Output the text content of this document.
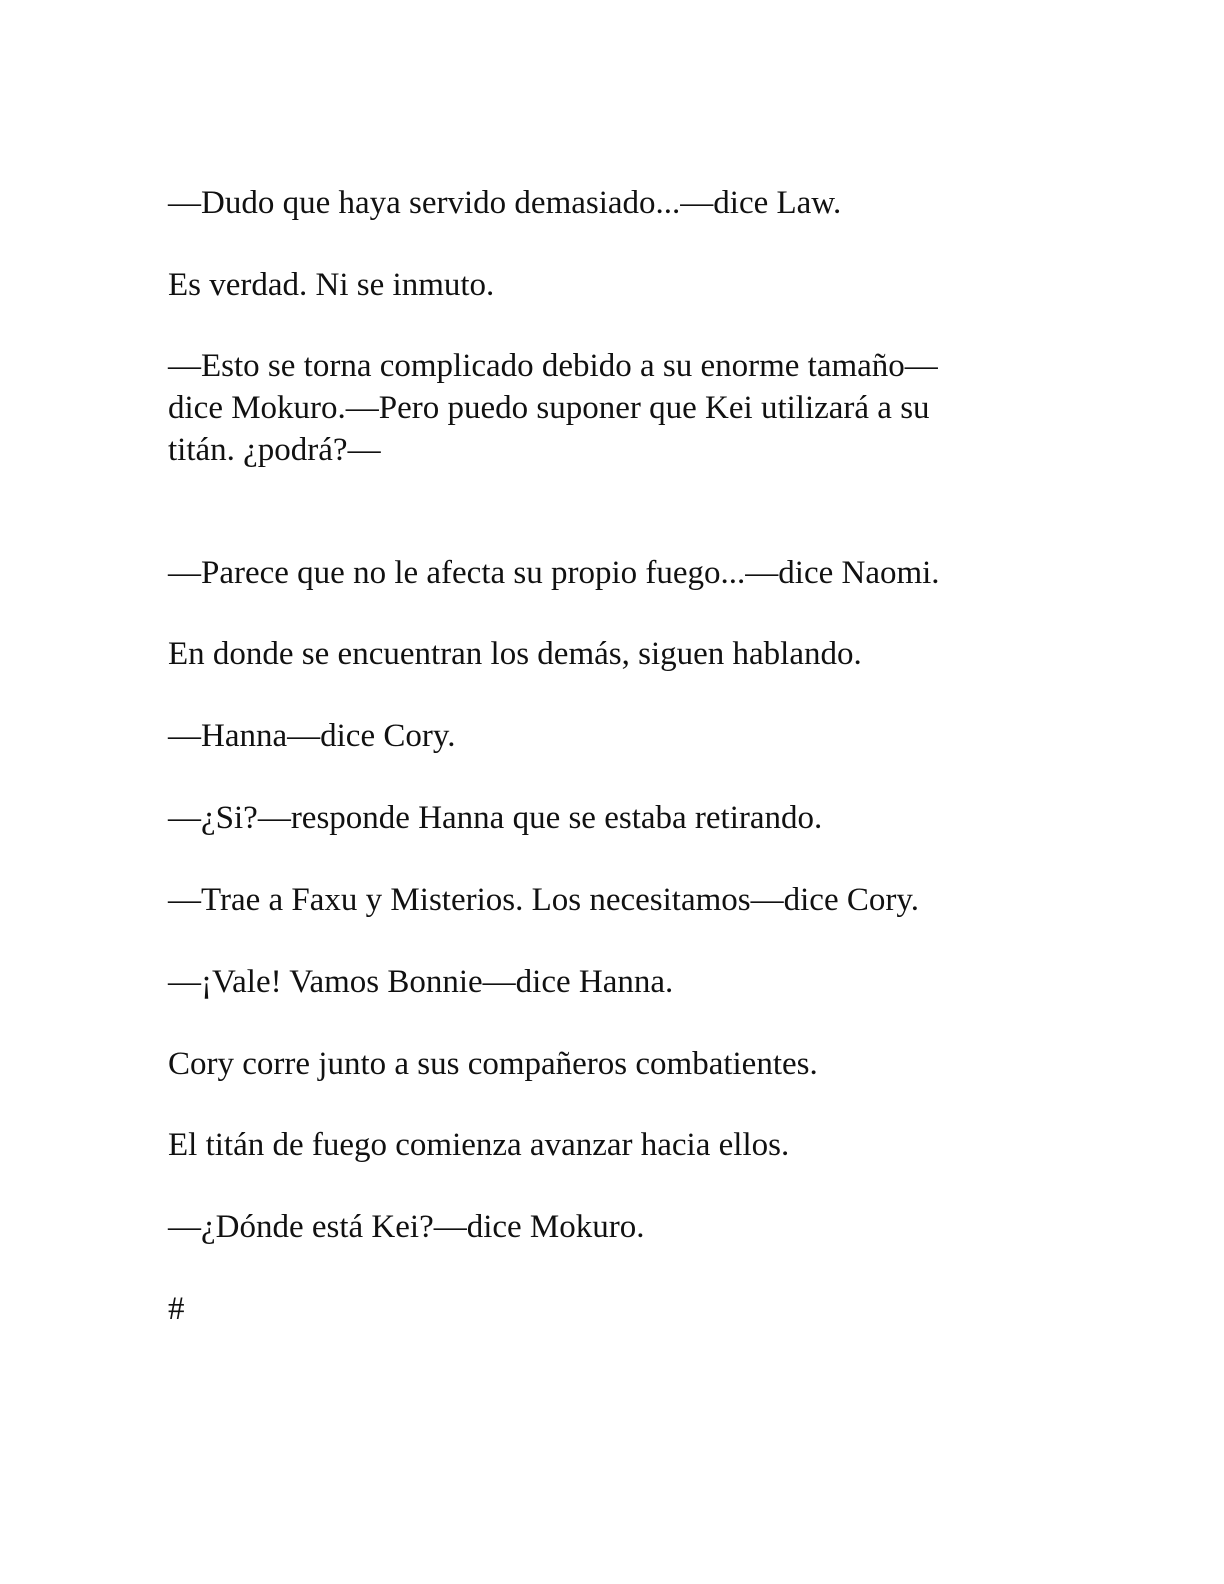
—Dudo que haya servido demasiado...—dice Law.

Es verdad. Ni se inmuto.

—Esto se torna complicado debido a su enorme tamaño—
dice Mokuro.—Pero puedo suponer que Kei utilizará a su
titán. ¿podrá?—

—Parece que no le afecta su propio fuego...—dice Naomi.

En donde se encuentran los demás, siguen hablando.

—Hanna—dice Cory.

—¿Si?—responde Hanna que se estaba retirando.

—Trae a Faxu y Misterios. Los necesitamos—dice Cory.

—¡Vale! Vamos Bonnie—dice Hanna.

Cory corre junto a sus compañeros combatientes.

El titán de fuego comienza avanzar hacia ellos.

—¿Dónde está Kei?—dice Mokuro.

#
